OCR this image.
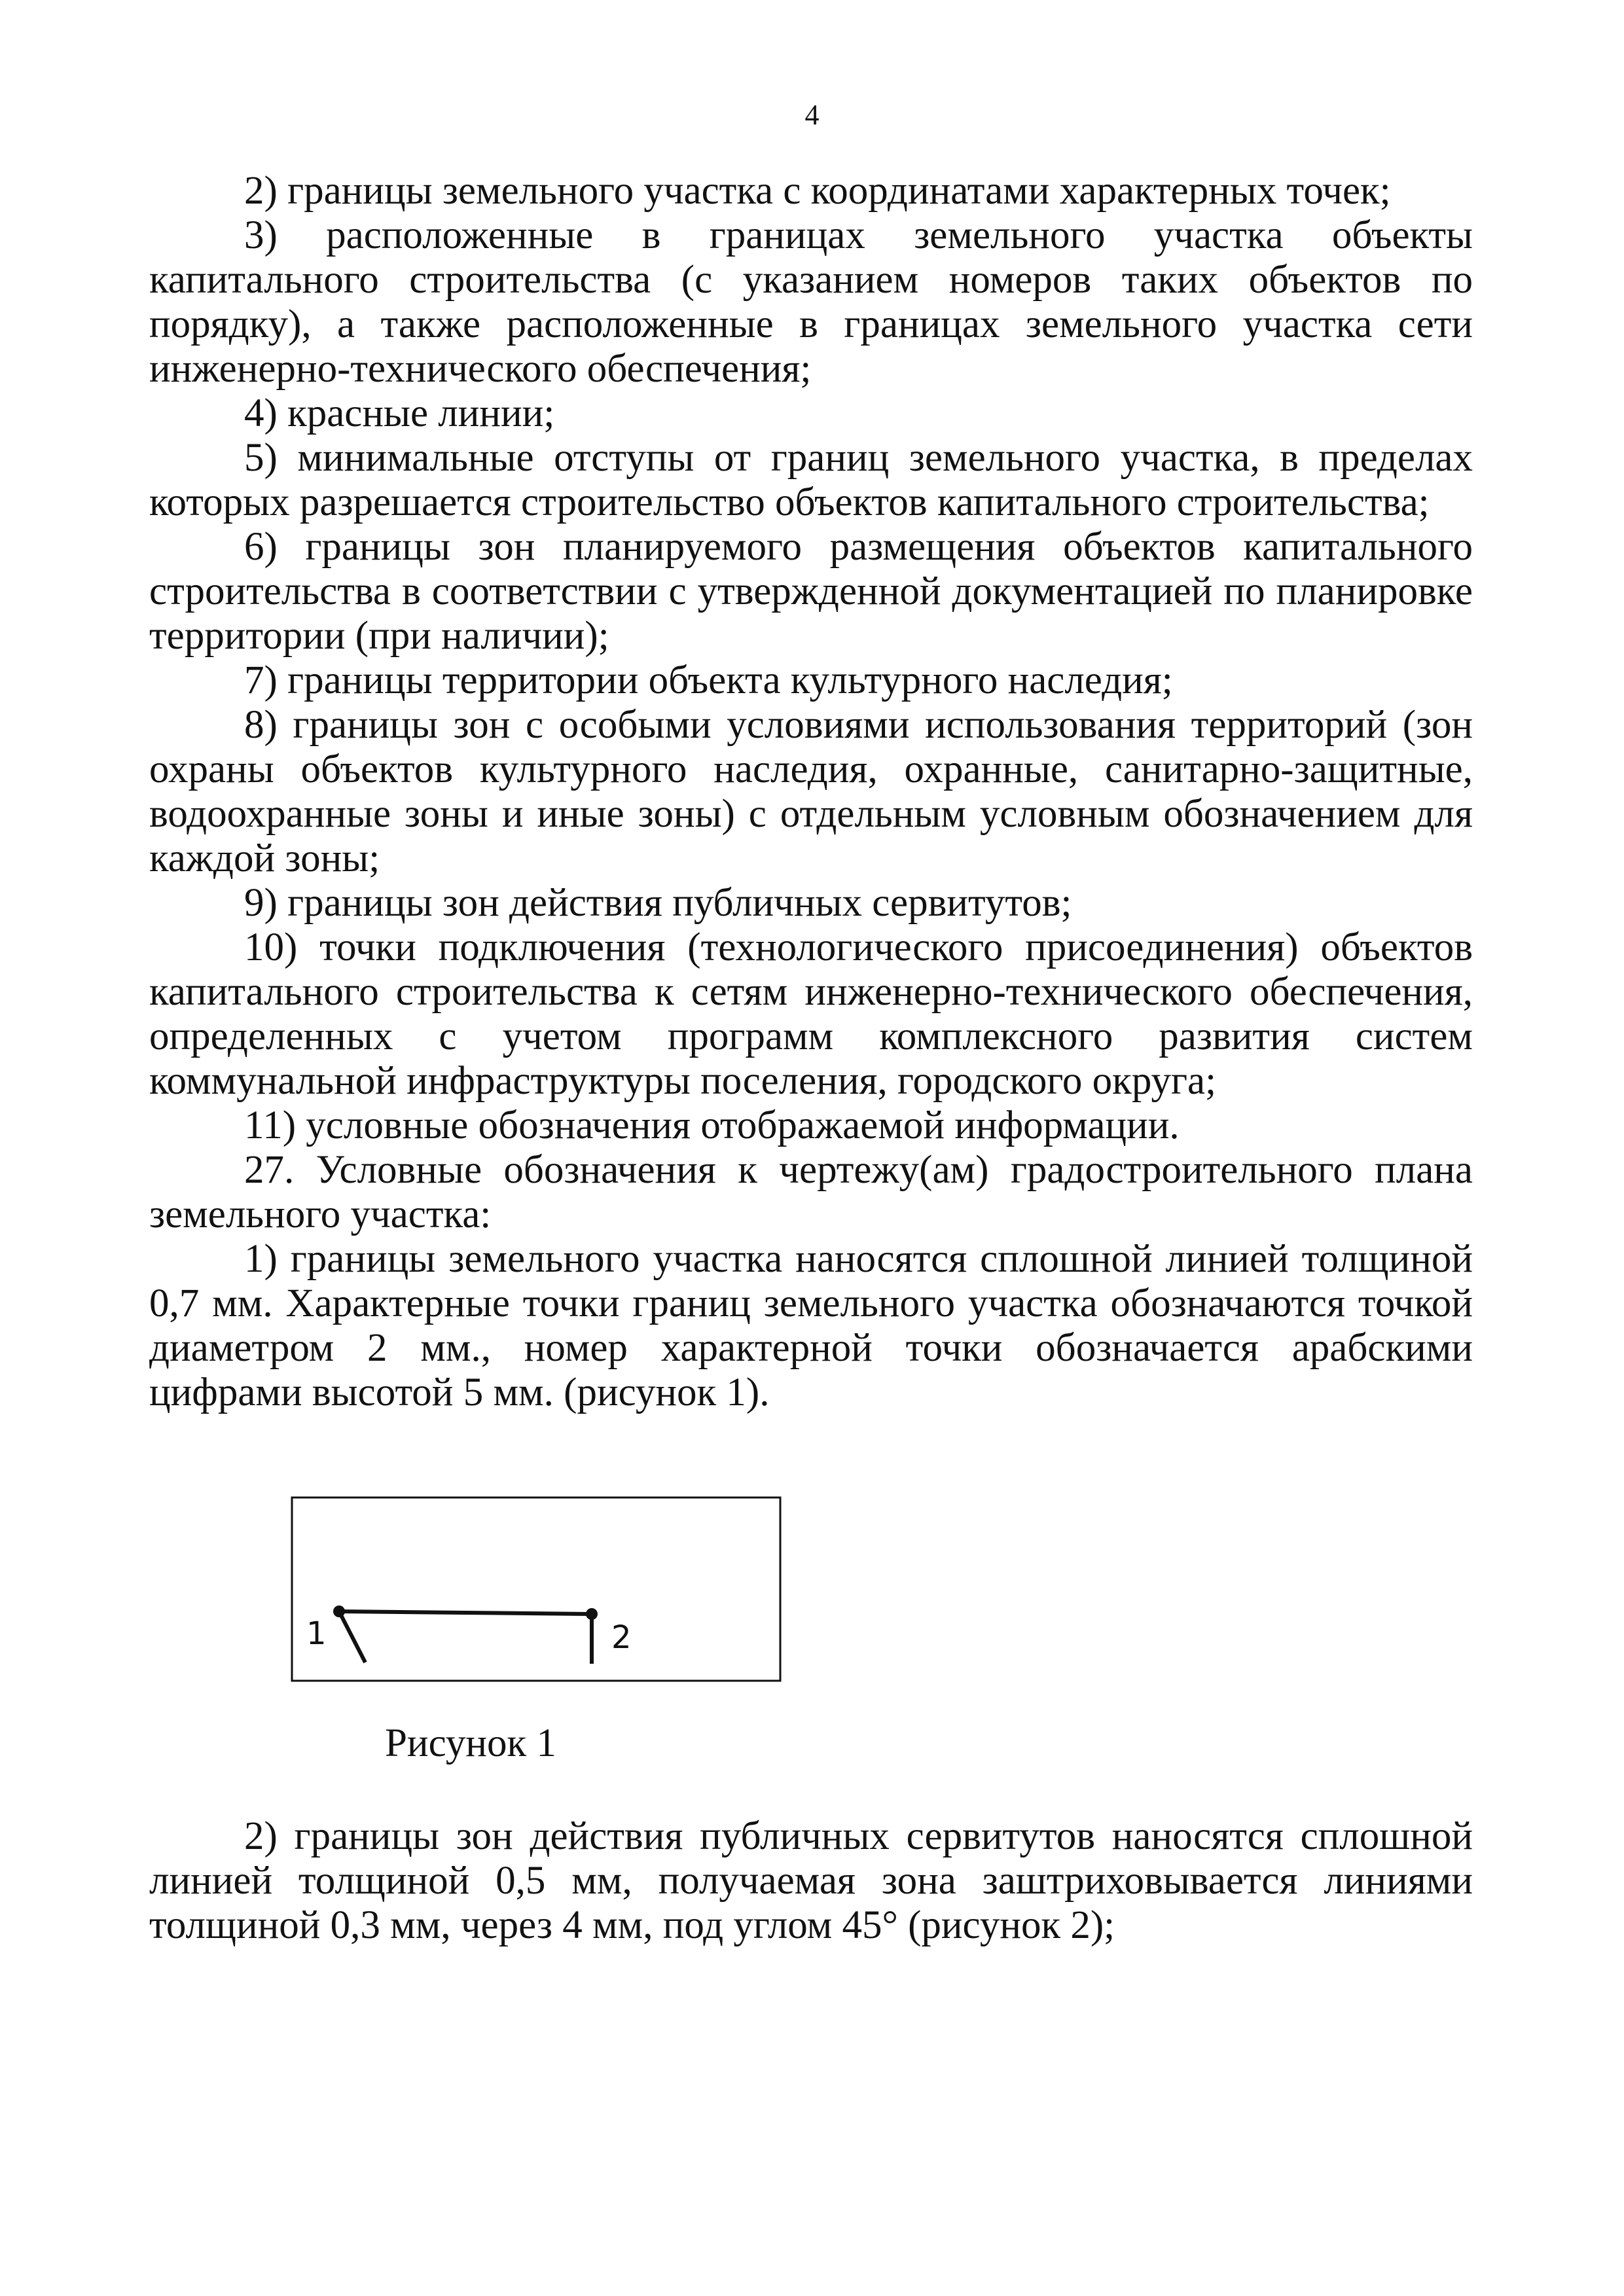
4

2) границы земельного участка с координатами характерных точек;

3) расположенные в границах земельного участка объекты капитального строительства (с указанием номеров таких объектов по порядку), а также расположенные в границах земельного участка сети инженерно-технического обеспечения;

4) красные линии;

5) минимальные отступы от границ земельного участка, в пределах которых разрешается строительство объектов капитального строительства;

6) границы зон планируемого размещения объектов капитального строительства в соответствии с утвержденной документацией по планировке территории (при наличии);

7) границы территории объекта культурного наследия;

8) границы зон с особыми условиями использования территорий (зон охраны объектов культурного наследия, охранные, санитарно-защитные, водоохранные зоны и иные зоны) с отдельным условным обозначением для каждой зоны;

9) границы зон действия публичных сервитутов;

10) точки подключения (технологического присоединения) объектов капитального строительства к сетям инженерно-технического обеспечения, определенных с учетом программ комплексного развития систем коммунальной инфраструктуры поселения, городского округа;

11) условные обозначения отображаемой информации.

27. Условные обозначения к чертежу(ам) градостроительного плана земельного участка:

1) границы земельного участка наносятся сплошной линией толщиной 0,7 мм. Характерные точки границ земельного участка обозначаются точкой диаметром 2 мм., номер характерной точки обозначается арабскими цифрами высотой 5 мм. (рисунок 1).

1	2
Рисунок 1

2) границы зон действия публичных сервитутов наносятся сплошной линией толщиной 0,5 мм, получаемая зона заштриховывается линиями толщиной 0,3 мм, через 4 мм, под углом 45° (рисунок 2);
